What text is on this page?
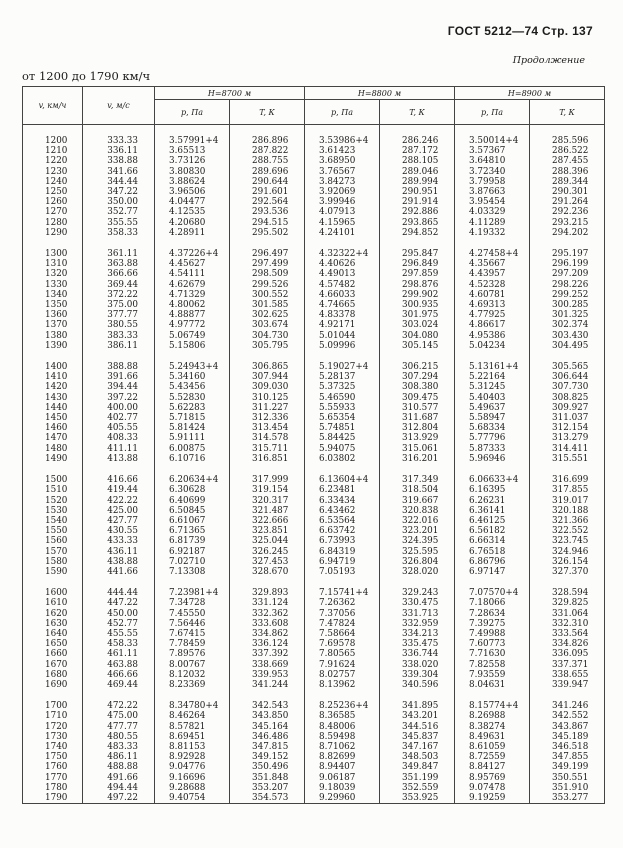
ГОСТ 5212—74 Стр. 137
Продолжение
от 1200 до 1790 км/ч
v, км/ч	v, м/с	H=8700 м		H=8800 м		H=8900 м	
		p, Па	T, К	p, Па	T, К	p, Па	T, К

1200	333.33	3.57991+4	286.896	3.53986+4	286.246	3.50014+4	285.596
1210	336.11	3.65513	287.822	3.61423	287.172	3.57367	286.522
1220	338.88	3.73126	288.755	3.68950	288.105	3.64810	287.455
1230	341.66	3.80830	289.696	3.76567	289.046	3.72340	288.396
1240	344.44	3.88624	290.644	3.84273	289.994	3.79958	289.344
1250	347.22	3.96506	291.601	3.92069	290.951	3.87663	290.301
1260	350.00	4.04477	292.564	3.99946	291.914	3.95454	291.264
1270	352.77	4.12535	293.536	4.07913	292.886	4.03329	292.236
1280	355.55	4.20680	294.515	4.15965	293.865	4.11289	293.215
1290	358.33	4.28911	295.502	4.24101	294.852	4.19332	294.202

1300	361.11	4.37226+4	296.497	4.32322+4	295.847	4.27458+4	295.197
1310	363.88	4.45627	297.499	4.40626	296.849	4.35667	296.199
1320	366.66	4.54111	298.509	4.49013	297.859	4.43957	297.209
1330	369.44	4.62679	299.526	4.57482	298.876	4.52328	298.226
1340	372.22	4.71329	300.552	4.66033	299.902	4.60781	299.252
1350	375.00	4.80062	301.585	4.74665	300.935	4.69313	300.285
1360	377.77	4.88877	302.625	4.83378	301.975	4.77925	301.325
1370	380.55	4.97772	303.674	4.92171	303.024	4.86617	302.374
1380	383.33	5.06749	304.730	5.01044	304.080	4.95386	303.430
1390	386.11	5.15806	305.795	5.09996	305.145	5.04234	304.495

1400	388.88	5.24943+4	306.865	5.19027+4	306.215	5.13161+4	305.565
1410	391.66	5.34160	307.944	5.28137	307.294	5.22164	306.644
1420	394.44	5.43456	309.030	5.37325	308.380	5.31245	307.730
1430	397.22	5.52830	310.125	5.46590	309.475	5.40403	308.825
1440	400.00	5.62283	311.227	5.55933	310.577	5.49637	309.927
1450	402.77	5.71815	312.336	5.65354	311.687	5.58947	311.037
1460	405.55	5.81424	313.454	5.74851	312.804	5.68334	312.154
1470	408.33	5.91111	314.578	5.84425	313.929	5.77796	313.279
1480	411.11	6.00875	315.711	5.94075	315.061	5.87333	314.411
1490	413.88	6.10716	316.851	6.03802	316.201	5.96946	315.551

1500	416.66	6.20634+4	317.999	6.13604+4	317.349	6.06633+4	316.699
1510	419.44	6.30628	319.154	6.23481	318.504	6.16395	317.855
1520	422.22	6.40699	320.317	6.33434	319.667	6.26231	319.017
1530	425.00	6.50845	321.487	6.43462	320.838	6.36141	320.188
1540	427.77	6.61067	322.666	6.53564	322.016	6.46125	321.366
1550	430.55	6.71365	323.851	6.63742	323.201	6.56182	322.552
1560	433.33	6.81739	325.044	6.73993	324.395	6.66314	323.745
1570	436.11	6.92187	326.245	6.84319	325.595	6.76518	324.946
1580	438.88	7.02710	327.453	6.94719	326.804	6.86796	326.154
1590	441.66	7.13308	328.670	7.05193	328.020	6.97147	327.370

1600	444.44	7.23981+4	329.893	7.15741+4	329.243	7.07570+4	328.594
1610	447.22	7.34728	331.124	7.26362	330.475	7.18066	329.825
1620	450.00	7.45550	332.362	7.37056	331.713	7.28634	331.064
1630	452.77	7.56446	333.608	7.47824	332.959	7.39275	332.310
1640	455.55	7.67415	334.862	7.58664	334.213	7.49988	333.564
1650	458.33	7.78459	336.124	7.69578	335.475	7.60773	334.826
1660	461.11	7.89576	337.392	7.80565	336.744	7.71630	336.095
1670	463.88	8.00767	338.669	7.91624	338.020	7.82558	337.371
1680	466.66	8.12032	339.953	8.02757	339.304	7.93559	338.655
1690	469.44	8.23369	341.244	8.13962	340.596	8.04631	339.947

1700	472.22	8.34780+4	342.543	8.25236+4	341.895	8.15774+4	341.246
1710	475.00	8.46264	343.850	8.36585	343.201	8.26988	342.552
1720	477.77	8.57821	345.164	8.48006	344.516	8.38274	343.867
1730	480.55	8.69451	346.486	8.59498	345.837	8.49631	345.189
1740	483.33	8.81153	347.815	8.71062	347.167	8.61059	346.518
1750	486.11	8.92928	349.152	8.82699	348.503	8.72559	347.855
1760	488.88	9.04776	350.496	8.94407	349.847	8.84127	349.199
1770	491.66	9.16696	351.848	9.06187	351.199	8.95769	350.551
1780	494.44	9.28688	353.207	9.18039	352.559	9.07478	351.910
1790	497.22	9.40754	354.573	9.29960	353.925	9.19259	353.277
